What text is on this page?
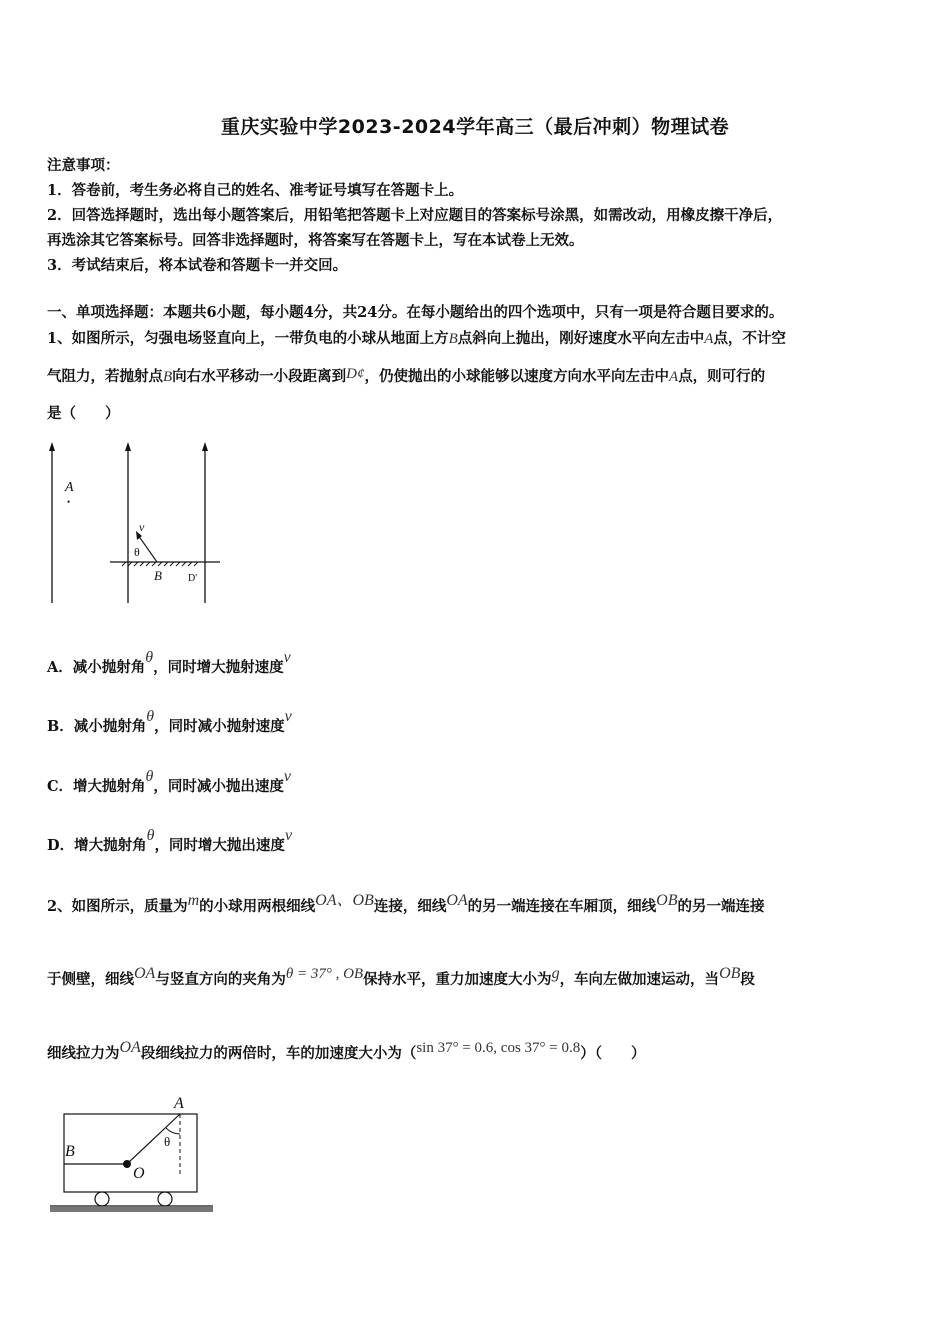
重庆实验中学2023-2024学年高三（最后冲刺）物理试卷
注意事项：
1．答卷前，考生务必将自己的姓名、准考证号填写在答题卡上。
2．回答选择题时，选出每小题答案后，用铅笔把答题卡上对应题目的答案标号涂黑，如需改动，用橡皮擦干净后，
再选涂其它答案标号。回答非选择题时，将答案写在答题卡上，写在本试卷上无效。
3．考试结束后，将本试卷和答题卡一并交回。
一、单项选择题：本题共6小题，每小题4分，共24分。在每小题给出的四个选项中，只有一项是符合题目要求的。
1、如图所示，匀强电场竖直向上，一带负电的小球从地面上方B点斜向上抛出，刚好速度水平向左击中A点，不计空
气阻力，若抛射点B向右水平移动一小段距离到D¢，仍使抛出的小球能够以速度方向水平向左击中A点，则可行的
是（　　）
A
•
v
θ
B	D'
A．减小抛射角θ，同时增大抛射速度v
B．减小抛射角θ，同时减小抛射速度v
C．增大抛射角θ，同时减小抛出速度v
D．增大抛射角θ，同时增大抛出速度v
2、如图所示，质量为m的小球用两根细线OA、OB连接，细线OA的另一端连接在车厢顶，细线OB的另一端连接
于侧壁，细线OA与竖直方向的夹角为θ = 37° , OB保持水平，重力加速度大小为g，车向左做加速运动，当OB段
细线拉力为OA段细线拉力的两倍时，车的加速度大小为（sin 37° = 0.6, cos 37° = 0.8）（　　）
A
B
O
θ
